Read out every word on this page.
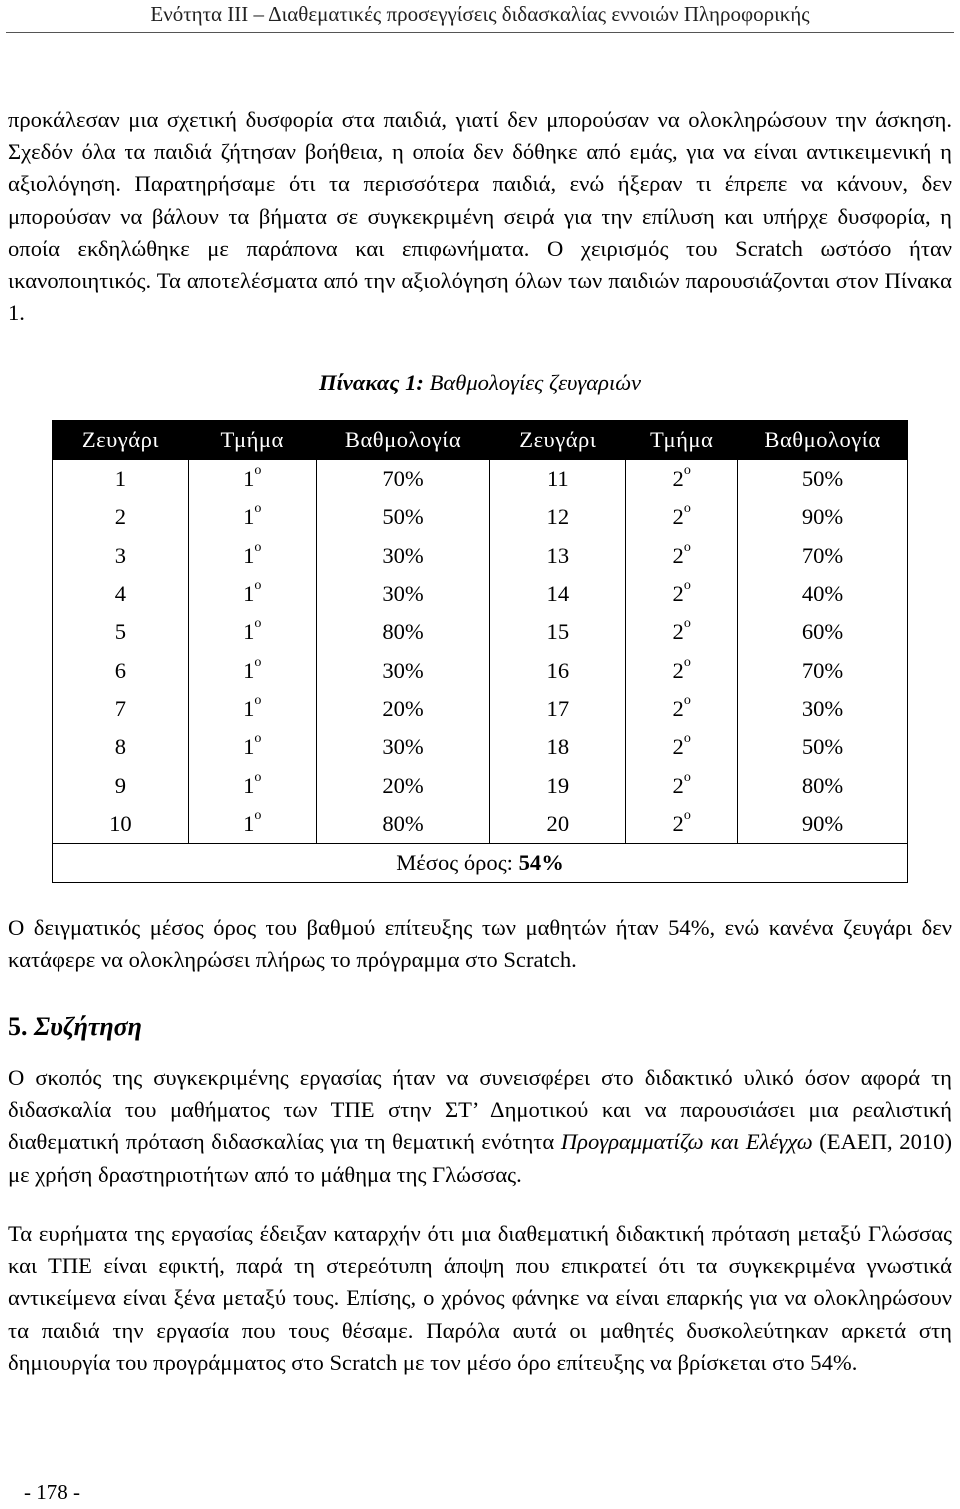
Ενότητα ΙΙΙ – Διαθεματικές προσεγγίσεις διδασκαλίας εννοιών Πληροφορικής

προκάλεσαν μια σχετική δυσφορία στα παιδιά, γιατί δεν μπορούσαν να ολοκληρώσουν την άσκηση. Σχεδόν όλα τα παιδιά ζήτησαν βοήθεια, η οποία δεν δόθηκε από εμάς, για να είναι αντικειμενική η αξιολόγηση. Παρατηρήσαμε ότι τα περισσότερα παιδιά, ενώ ήξεραν τι έπρεπε να κάνουν, δεν μπορούσαν να βάλουν τα βήματα σε συγκεκριμένη σειρά για την επίλυση και υπήρχε δυσφορία, η οποία εκδηλώθηκε με παράπονα και επιφωνήματα. Ο χειρισμός του Scratch ωστόσο ήταν ικανοποιητικός. Τα αποτελέσματα από την αξιολόγηση όλων των παιδιών παρουσιάζονται στον Πίνακα 1.

Πίνακας 1: Βαθμολογίες ζευγαριών
Ζευγάρι	Τμήμα	Βαθμολογία	Ζευγάρι	Τμήμα	Βαθμολογία
1	$1^o$	70%	11	$2^o$	50%
2	$1^o$	50%	12	$2^o$	90%
3	$1^o$	30%	13	$2^o$	70%
4	$1^o$	30%	14	$2^o$	40%
5	$1^o$	80%	15	$2^o$	60%
6	$1^o$	30%	16	$2^o$	70%
7	$1^o$	20%	17	$2^o$	30%
8	$1^o$	30%	18	$2^o$	50%
9	$1^o$	20%	19	$2^o$	80%
10	$1^o$	80%	20	$2^o$	90%
Μέσος όρος: 54%					

Ο δειγματικός μέσος όρος του βαθμού επίτευξης των μαθητών ήταν 54%, ενώ κανένα ζευγάρι δεν κατάφερε να ολοκληρώσει πλήρως το πρόγραμμα στο Scratch.

5. Συζήτηση

Ο σκοπός της συγκεκριμένης εργασίας ήταν να συνεισφέρει στο διδακτικό υλικό όσον αφορά τη διδασκαλία του μαθήματος των ΤΠΕ στην ΣΤ’ Δημοτικού και να παρουσιάσει μια ρεαλιστική διαθεματική πρόταση διδασκαλίας για τη θεματική ενότητα Προγραμματίζω και Ελέγχω (ΕΑΕΠ, 2010) με χρήση δραστηριοτήτων από το μάθημα της Γλώσσας.

Τα ευρήματα της εργασίας έδειξαν καταρχήν ότι μια διαθεματική διδακτική πρόταση μεταξύ Γλώσσας και ΤΠΕ είναι εφικτή, παρά τη στερεότυπη άποψη που επικρατεί ότι τα συγκεκριμένα γνωστικά αντικείμενα είναι ξένα μεταξύ τους. Επίσης, ο χρόνος φάνηκε να είναι επαρκής για να ολοκληρώσουν τα παιδιά την εργασία που τους θέσαμε. Παρόλα αυτά οι μαθητές δυσκολεύτηκαν αρκετά στη δημιουργία του προγράμματος στο Scratch με τον μέσο όρο επίτευξης να βρίσκεται στο 54%.

- 178 -
